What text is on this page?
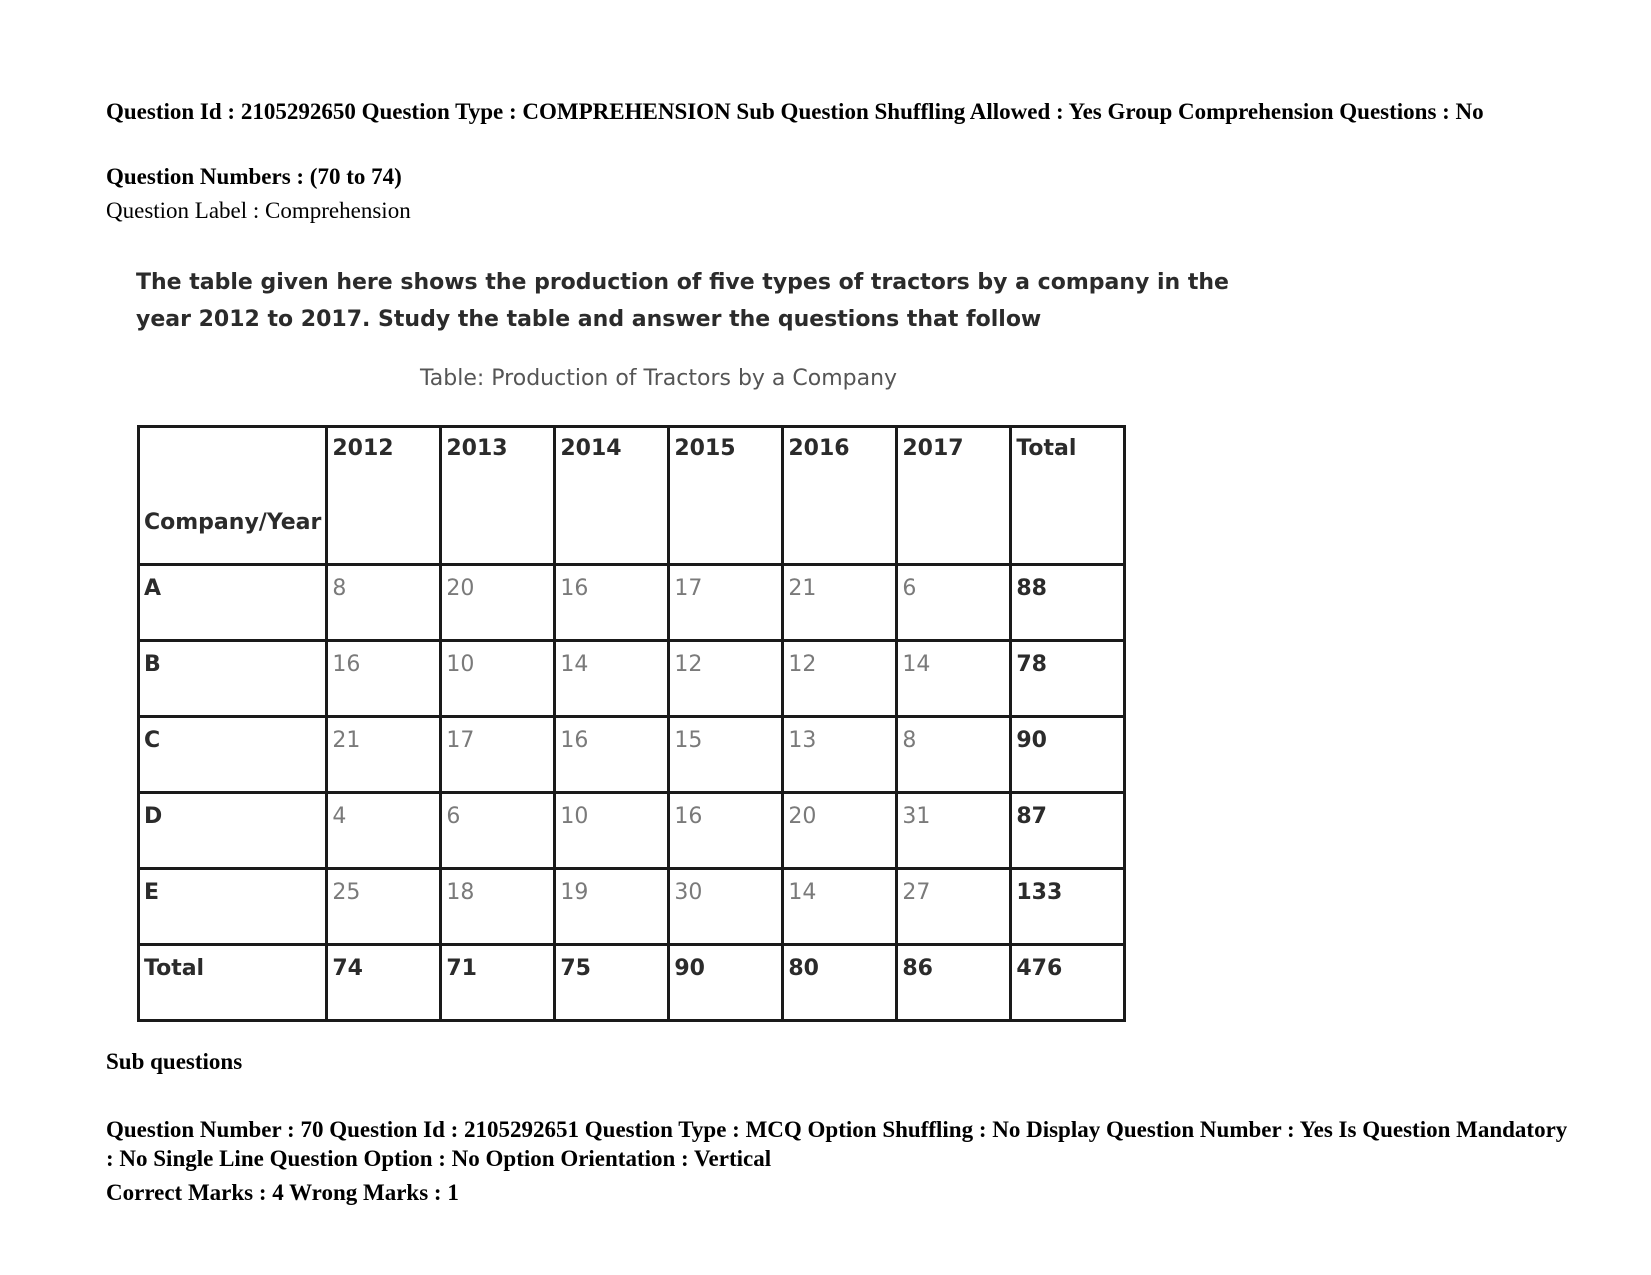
Question Id : 2105292650 Question Type : COMPREHENSION Sub Question Shuffling Allowed : Yes Group Comprehension Questions : No

Question Numbers : (70 to 74)

Question Label : Comprehension

The table given here shows the production of five types of tractors by a company in the year 2012 to 2017. Study the table and answer the questions that follow
Table: Production of Tractors by a Company
Company/Year	2012	2013	2014	2015	2016	2017	Total
A	8	20	16	17	21	6	88
B	16	10	14	12	12	14	78
C	21	17	16	15	13	8	90
D	4	6	10	16	20	31	87
E	25	18	19	30	14	27	133
Total	74	71	75	90	80	86	476

Sub questions

Question Number : 70 Question Id : 2105292651 Question Type : MCQ Option Shuffling : No Display Question Number : Yes Is Question Mandatory : No Single Line Question Option : No Option Orientation : Vertical

Correct Marks : 4 Wrong Marks : 1
